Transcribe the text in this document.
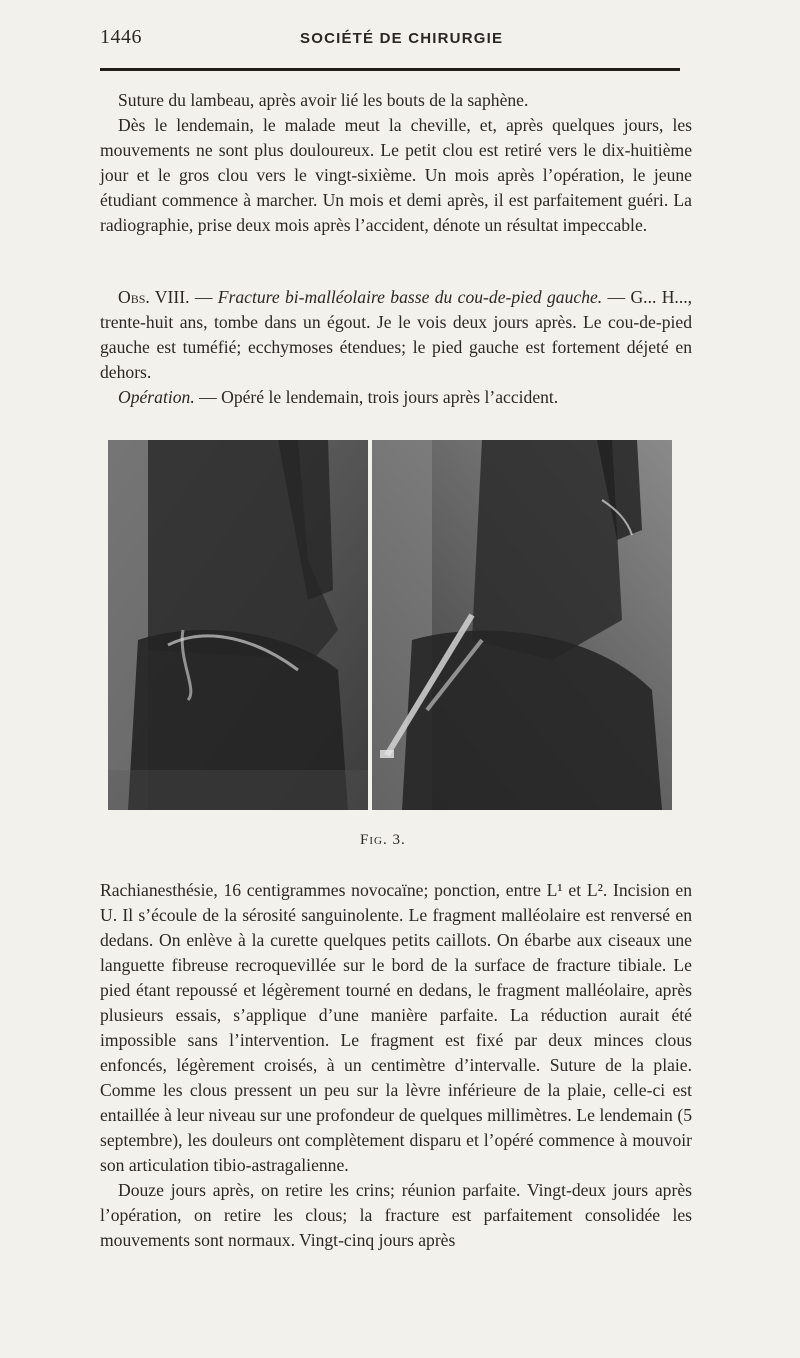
1446	SOCIÉTÉ DE CHIRURGIE

Suture du lambeau, après avoir lié les bouts de la saphène.

Dès le lendemain, le malade meut la cheville, et, après quelques jours, les mouvements ne sont plus douloureux. Le petit clou est retiré vers le dix-huitième jour et le gros clou vers le vingt-sixième. Un mois après l’opération, le jeune étudiant commence à marcher. Un mois et demi après, il est parfaitement guéri. La radiographie, prise deux mois après l’accident, dénote un résultat impeccable.

Obs. VIII. — Fracture bi-malléolaire basse du cou-de-pied gauche. — G... H..., trente-huit ans, tombe dans un égout. Je le vois deux jours après. Le cou-de-pied gauche est tuméfié; ecchymoses étendues; le pied gauche est fortement déjeté en dehors.

Opération. — Opéré le lendemain, trois jours après l’accident.

Fig. 3.

Rachianesthésie, 16 centigrammes novocaïne; ponction, entre L¹ et L². Incision en U. Il s’écoule de la sérosité sanguinolente. Le fragment malléolaire est renversé en dedans. On enlève à la curette quelques petits caillots. On ébarbe aux ciseaux une languette fibreuse recroquevillée sur le bord de la surface de fracture tibiale. Le pied étant repoussé et légèrement tourné en dedans, le fragment malléolaire, après plusieurs essais, s’applique d’une manière parfaite. La réduction aurait été impossible sans l’intervention. Le fragment est fixé par deux minces clous enfoncés, légèrement croisés, à un centimètre d’intervalle. Suture de la plaie. Comme les clous pressent un peu sur la lèvre inférieure de la plaie, celle-ci est entaillée à leur niveau sur une profondeur de quelques millimètres. Le lendemain (5 septembre), les douleurs ont complètement disparu et l’opéré commence à mouvoir son articulation tibio-astragalienne.

Douze jours après, on retire les crins; réunion parfaite. Vingt-deux jours après l’opération, on retire les clous; la fracture est parfaitement consolidée les mouvements sont normaux. Vingt-cinq jours après
